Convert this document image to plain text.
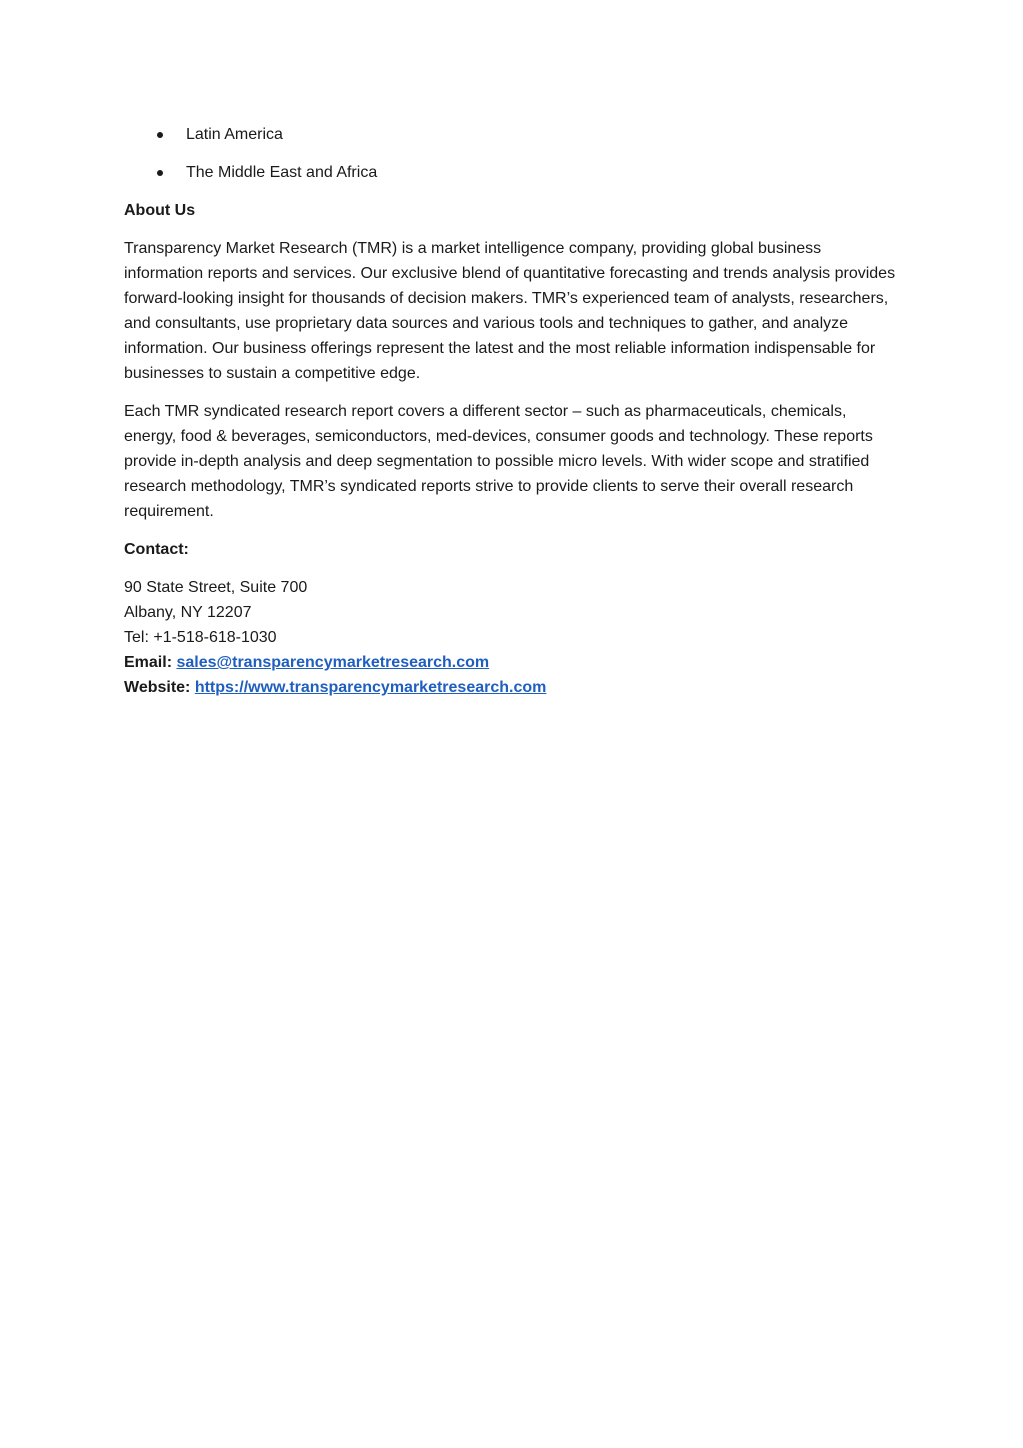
Latin America
The Middle East and Africa

About Us

Transparency Market Research (TMR) is a market intelligence company, providing global business information reports and services. Our exclusive blend of quantitative forecasting and trends analysis provides forward-looking insight for thousands of decision makers. TMR’s experienced team of analysts, researchers, and consultants, use proprietary data sources and various tools and techniques to gather, and analyze information. Our business offerings represent the latest and the most reliable information indispensable for businesses to sustain a competitive edge.

Each TMR syndicated research report covers a different sector – such as pharmaceuticals, chemicals, energy, food & beverages, semiconductors, med-devices, consumer goods and technology. These reports provide in-depth analysis and deep segmentation to possible micro levels. With wider scope and stratified research methodology, TMR’s syndicated reports strive to provide clients to serve their overall research requirement.

Contact:

90 State Street, Suite 700
Albany, NY 12207
Tel: +1-518-618-1030
Email: sales@transparencymarketresearch.com
Website: https://www.transparencymarketresearch.com
